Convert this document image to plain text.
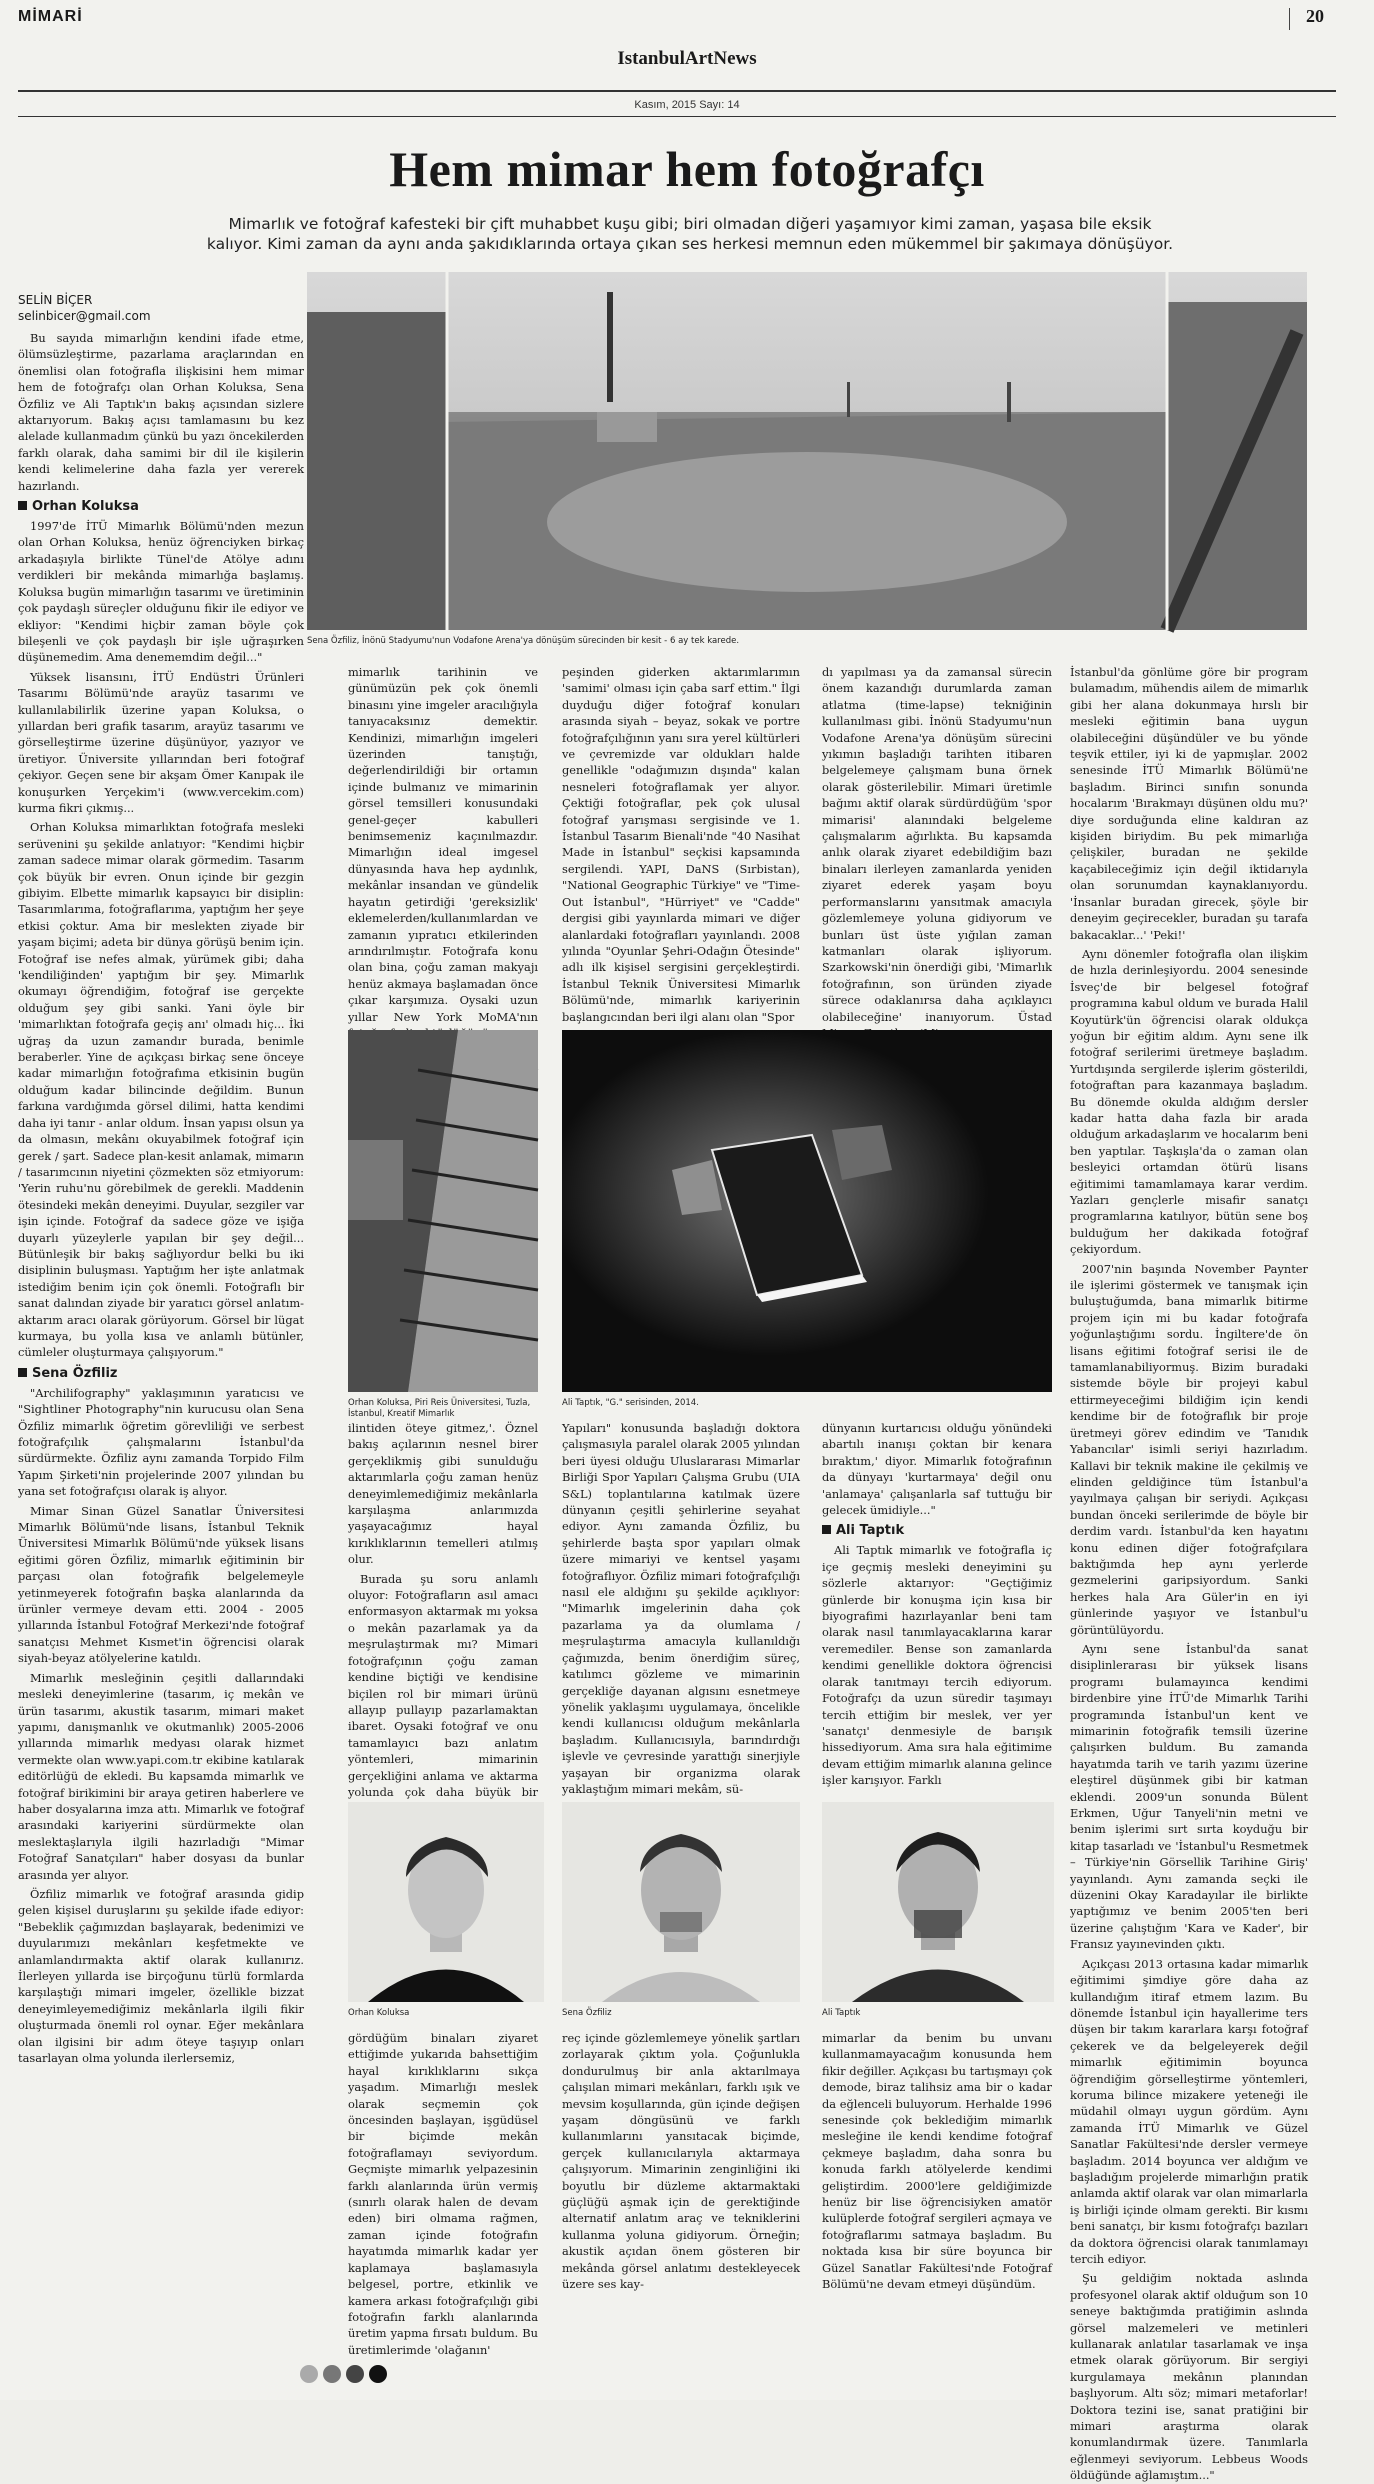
MİMARİ	20
IstanbulArtNews
Kasım, 2015 Sayı: 14
Hem mimar hem fotoğrafçı

Mimarlık ve fotoğraf kafesteki bir çift muhabbet kuşu gibi; biri olmadan diğeri yaşamıyor kimi zaman, yaşasa bile eksik kalıyor. Kimi zaman da aynı anda şakıdıklarında ortaya çıkan ses herkesi memnun eden mükemmel bir şakımaya dönüşüyor.

SELİN BİÇER
selinbicer@gmail.com

Bu sayıda mimarlığın kendini ifade etme, ölümsüzleştirme, pazarlama araçlarından en önemlisi olan fotoğrafla ilişkisini hem mimar hem de fotoğrafçı olan Orhan Koluksa, Sena Özfiliz ve Ali Taptık'ın bakış açısından sizlere aktarıyorum. Bakış açısı tamlamasını bu kez alelade kullanmadım çünkü bu yazı öncekilerden farklı olarak, daha samimi bir dil ile kişilerin kendi kelimelerine daha fazla yer vererek hazırlandı.

Orhan Koluksa

1997'de İTÜ Mimarlık Bölümü'nden mezun olan Orhan Koluksa, henüz öğrenciyken birkaç arkadaşıyla birlikte Tünel'de Atölye adını verdikleri bir mekânda mimarlığa başlamış. Koluksa bugün mimarlığın tasarımı ve üretiminin çok paydaşlı süreçler olduğunu fikir ile ediyor ve ekliyor: "Kendimi hiçbir zaman böyle çok bileşenli ve çok paydaşlı bir işle uğraşırken düşünemedim. Ama denememdim değil..."

Yüksek lisansını, İTÜ Endüstri Ürünleri Tasarımı Bölümü'nde arayüz tasarımı ve kullanılabilirlik üzerine yapan Koluksa, o yıllardan beri grafik tasarım, arayüz tasarımı ve görselleştirme üzerine düşünüyor, yazıyor ve üretiyor. Üniversite yıllarından beri fotoğraf çekiyor. Geçen sene bir akşam Ömer Kanıpak ile konuşurken Yerçekim'i (www.vercekim.com) kurma fikri çıkmış...

Orhan Koluksa mimarlıktan fotoğrafa mesleki serüvenini şu şekilde anlatıyor: "Kendimi hiçbir zaman sadece mimar olarak görmedim. Tasarım çok büyük bir evren. Onun içinde bir gezgin gibiyim. Elbette mimarlık kapsayıcı bir disiplin: Tasarımlarıma, fotoğraflarıma, yaptığım her şeye etkisi çoktur. Ama bir meslekten ziyade bir yaşam biçimi; adeta bir dünya görüşü benim için. Fotoğraf ise nefes almak, yürümek gibi; daha 'kendiliğinden' yaptığım bir şey. Mimarlık okumayı öğrendiğim, fotoğraf ise gerçekte olduğum şey gibi sanki. Yani öyle bir 'mimarlıktan fotoğrafa geçiş anı' olmadı hiç... İki uğraş da uzun zamandır burada, benimle beraberler. Yine de açıkçası birkaç sene önceye kadar mimarlığın fotoğrafıma etkisinin bugün olduğum kadar bilincinde değildim. Bunun farkına vardığımda görsel dilimi, hatta kendimi daha iyi tanır - anlar oldum. İnsan yapısı olsun ya da olmasın, mekânı okuyabilmek fotoğraf için gerek / şart. Sadece plan-kesit anlamak, mimarın / tasarımcının niyetini çözmekten söz etmiyorum: 'Yerin ruhu'nu görebilmek de gerekli. Maddenin ötesindeki mekân deneyimi. Duyular, sezgiler var işin içinde. Fotoğraf da sadece göze ve işiğa duyarlı yüzeylerle yapılan bir şey değil... Bütünleşik bir bakış sağlıyordur belki bu iki disiplinin buluşması. Yaptığım her işte anlatmak istediğim benim için çok önemli. Fotoğraflı bir sanat dalından ziyade bir yaratıcı görsel anlatım-aktarım aracı olarak görüyorum. Görsel bir lügat kurmaya, bu yolla kısa ve anlamlı bütünler, cümleler oluşturmaya çalışıyorum."

Sena Özfiliz

"Archilifography" yaklaşımının yaratıcısı ve "Sightliner Photography"nin kurucusu olan Sena Özfiliz mimarlık öğretim görevliliği ve serbest fotoğrafçılık çalışmalarını İstanbul'da sürdürmekte. Özfiliz aynı zamanda Torpido Film Yapım Şirketi'nin projelerinde 2007 yılından bu yana set fotoğrafçısı olarak iş alıyor.

Mimar Sinan Güzel Sanatlar Üniversitesi Mimarlık Bölümü'nde lisans, İstanbul Teknik Üniversitesi Mimarlık Bölümü'nde yüksek lisans eğitimi gören Özfiliz, mimarlık eğitiminin bir parçası olan fotoğrafik belgelemeyle yetinmeyerek fotoğrafın başka alanlarında da ürünler vermeye devam etti. 2004 - 2005 yıllarında İstanbul Fotoğraf Merkezi'nde fotoğraf sanatçısı Mehmet Kısmet'in öğrencisi olarak siyah-beyaz atölyelerine katıldı.

Mimarlık mesleğinin çeşitli dallarındaki mesleki deneyimlerine (tasarım, iç mekân ve ürün tasarımı, akustik tasarım, mimari maket yapımı, danışmanlık ve okutmanlık) 2005-2006 yıllarında mimarlık medyası olarak hizmet vermekte olan www.yapi.com.tr ekibine katılarak editörlüğü de ekledi. Bu kapsamda mimarlık ve fotoğraf birikimini bir araya getiren haberlere ve haber dosyalarına imza attı. Mimarlık ve fotoğraf arasındaki kariyerini sürdürmekte olan meslektaşlarıyla ilgili hazırladığı "Mimar Fotoğraf Sanatçıları" haber dosyası da bunlar arasında yer alıyor.

Özfiliz mimarlık ve fotoğraf arasında gidip gelen kişisel duruşlarını şu şekilde ifade ediyor: "Bebeklik çağımızdan başlayarak, bedenimizi ve duyularımızı mekânları keşfetmekte ve anlamlandırmakta aktif olarak kullanırız. İlerleyen yıllarda ise birçoğunu türlü formlarda karşılaştığı mimari imgeler, özellikle bizzat deneyimleyemediğimiz mekânlarla ilgili fikir oluşturmada önemli rol oynar. Eğer mekânlara olan ilgisini bir adım öteye taşıyıp onları tasarlayan olma yolunda ilerlersemiz,

Sena Özfiliz, İnönü Stadyumu'nun Vodafone Arena'ya dönüşüm sürecinden bir kesit - 6 ay tek karede.

mimarlık tarihinin ve günümüzün pek çok önemli binasını yine imgeler aracılığıyla tanıyacaksınız demektir. Kendinizi, mimarlığın imgeleri üzerinden tanıştığı, değerlendirildiği bir ortamın içinde bulmanız ve mimarinin görsel temsilleri konusundaki genel-geçer kabulleri benimsemeniz kaçınılmazdır. Mimarlığın ideal imgesel dünyasında hava hep aydınlık, mekânlar insandan ve gündelik hayatın getirdiği 'gereksizlik' eklemelerden/kullanımlardan ve zamanın yıpratıcı etkilerinden arındırılmıştır. Fotoğrafa konu olan bina, çoğu zaman makyajı henüz akmaya başlamadan önce çıkar karşımıza. Oysaki uzun yıllar New York MoMA'nın

peşinden giderken aktarımlarımın 'samimi' olması için çaba sarf ettim." İlgi duyduğu diğer fotoğraf konuları arasında siyah – beyaz, sokak ve portre fotoğrafçılığının yanı sıra yerel kültürleri ve çevremizde var oldukları halde genellikle "odağımızın dışında" kalan nesneleri fotoğraflamak yer alıyor. Çektiği fotoğraflar, pek çok ulusal fotoğraf yarışması sergisinde ve 1. İstanbul Tasarım Bienali'nde "40 Nasihat Made in İstanbul" seçkisi kapsamında sergilendi. YAPI, DaNS (Sırbistan), "National Geographic Türkiye" ve "Time-Out İstanbul", "Hürriyet" ve "Cadde" dergisi gibi yayınlarda mimari ve diğer alanlardaki fotoğrafları yayınlandı. 2008 yılında "Oyunlar Şehri-Odağın Ötesinde" adlı ilk kişisel sergisini gerçekleştirdi. İstanbul Teknik Üniversitesi Mimarlık Bölümü'nde, mimarlık kariyerinin başlangıcından beri ilgi alanı olan "Spor

dı yapılması ya da zamansal sürecin önem kazandığı durumlarda zaman atlatma (time-lapse) tekniğinin kullanılması gibi. İnönü Stadyumu'nun Vodafone Arena'ya dönüşüm sürecini yıkımın başladığı tarihten itibaren belgelemeye çalışmam buna örnek olarak gösterilebilir. Mimari üretimle bağımı aktif olarak sürdürdüğüm 'spor mimarisi' alanındaki belgeleme çalışmalarım ağırlıkta. Bu kapsamda anlık olarak ziyaret edebildiğim bazı binaları ilerleyen zamanlarda yeniden ziyaret ederek yaşam boyu performanslarını yansıtmak amacıyla gözlemlemeye yoluna gidiyorum ve bunları üst üste yığılan zaman katmanları olarak işliyorum. Szarkowski'nin önerdiği gibi, 'Mimarlık fotoğrafının, son üründen ziyade sürece odaklanırsa daha açıklayıcı olabileceğine' inanıyorum. Üstad

İstanbul'da gönlüme göre bir program bulamadım, mühendis ailem de mimarlık gibi her alana dokunmaya hırslı bir mesleki eğitimin bana uygun olabileceğini düşündüler ve bu yönde teşvik ettiler, iyi ki de yapmışlar. 2002 senesinde İTÜ Mimarlık Bölümü'ne başladım. Birinci sınıfın sonunda hocalarım 'Bırakmayı düşünen oldu mu?' diye sorduğunda eline kaldıran az kişiden biriydim. Bu pek mimarlığa çelişkiler, buradan ne şekilde kaçabileceğimiz için değil iktidarıyla olan sorunumdan kaynaklanıyordu. 'İnsanlar buradan girecek, şöyle bir deneyim geçirecekler, buradan şu tarafa bakacaklar...' 'Peki!'

Aynı dönemler fotoğrafla olan ilişkim de hızla derinleşiyordu. 2004 senesinde İsveç'de bir belgesel fotoğraf programına kabul oldum ve burada Halil Koyutürk'ün öğrencisi olarak oldukça yoğun bir eğitim aldım. Aynı sene ilk fotoğraf serilerimi üretmeye başladım. Yurtdışında sergilerde işlerim gösterildi, fotoğraftan para kazanmaya başladım. Bu dönemde okulda aldığım dersler kadar hatta daha fazla bir arada olduğum arkadaşlarım ve hocalarım beni ben yaptılar. Taşkışla'da o zaman olan besleyici ortamdan ötürü lisans eğitimimi tamamlamaya karar verdim. Yazları gençlerle misafir sanatçı programlarına katılıyor, bütün sene boş bulduğum her dakikada fotoğraf çekiyordum.

2007'nin başında November Paynter ile işlerimi göstermek ve tanışmak için buluştuğumda, bana mimarlık bitirme projem için mi bu kadar fotoğrafa yoğunlaştığımı sordu. İngiltere'de ön lisans eğitimi fotoğraf serisi ile de tamamlanabiliyormuş. Bizim buradaki sistemde böyle bir projeyi kabul ettirmeyeceğimi bildiğim için kendi kendime bir de fotoğraflık bir proje üretmeyi görev edindim ve 'Tanıdık Yabancılar' isimli seriyi hazırladım. Kallavi bir teknik makine ile çekilmiş ve elinden geldiğince tüm İstanbul'a yayılmaya çalışan bir seriydi. Açıkçası bundan önceki serilerimde de böyle bir derdim vardı. İstanbul'da ken hayatını konu edinen diğer fotoğrafçılara baktığımda hep aynı yerlerde gezmelerini garipsiyordum. Sanki herkes hala Ara Güler'in en iyi günlerinde yaşıyor ve İstanbul'u görüntülüyordu.

Aynı sene İstanbul'da sanat disiplinlerarası bir yüksek lisans programı bulamayınca kendimi birdenbire yine İTÜ'de Mimarlık Tarihi programında İstanbul'un kent ve mimarinin fotoğrafik temsili üzerine çalışırken buldum. Bu zamanda hayatımda tarih ve tarih yazımı üzerine eleştirel düşünmek gibi bir katman eklendi. 2009'un sonunda Bülent Erkmen, Uğur Tanyeli'nin metni ve benim işlerimi sırt sırta koyduğu bir kitap tasarladı ve 'İstanbul'u Resmetmek – Türkiye'nin Görsellik Tarihine Giriş' yayınlandı. Aynı zamanda seçki ile düzenini Okay Karadayılar ile birlikte yaptığımız ve benim 2005'ten beri üzerine çalıştığım 'Kara ve Kader', bir Fransız yayınevinden çıktı.

Açıkçası 2013 ortasına kadar mimarlık eğitimimi şimdiye göre daha az kullandığım itiraf etmem lazım. Bu dönemde İstanbul için hayallerime ters düşen bir takım kararlara karşı fotoğraf çekerek ve da belgeleyerek değil mimarlık eğitimimin boyunca öğrendiğim görselleştirme yöntemleri, koruma bilince mizakere yeteneği ile müdahil olmayı uygun gördüm. Aynı zamanda İTÜ Mimarlık ve Güzel Sanatlar Fakültesi'nde dersler vermeye başladım. 2014 boyunca ver aldığım ve başladığım projelerde mimarlığın pratik anlamda aktif olarak var olan mimarlarla iş birliği içinde olmam gerekti. Bir kısmı beni sanatçı, bir kısmı fotoğrafçı bazıları da doktora öğrencisi olarak tanımlamayı tercih ediyor.

Şu geldiğim noktada aslında profesyonel olarak aktif olduğum son 10 seneye baktığımda pratiğimin aslında görsel malzemeleri ve metinleri kullanarak anlatılar tasarlamak ve inşa etmek olarak görüyorum. Bir sergiyi kurgulamaya mekânın planından başlıyorum. Altı söz; mimari metaforlar! Doktora tezini ise, sanat pratiğini bir mimari araştırma olarak konumlandırmak üzere. Tanımlarla eğlenmeyi seviyorum. Lebbeus Woods öldüğünde ağlamıştım..."

Orhan Koluksa, Piri Reis Üniversitesi, Tuzla, İstanbul, Kreatif Mimarlık
Ali Taptık, "G." serisinden, 2014.

ilintiden öteye gitmez,'. Öznel bakış açılarının nesnel birer gerçeklikmiş gibi sunulduğu aktarımlarla çoğu zaman henüz deneyimlemediğimiz mekânlarla karşılaşma anlarımızda yaşayacağımız hayal kırıklıklarının temelleri atılmış olur.

Burada şu soru anlamlı oluyor: Fotoğrafların asıl amacı enformasyon aktarmak mı yoksa o mekân pazarlamak ya da meşrulaştırmak mı? Mimari fotoğrafçının çoğu zaman kendine biçtiği ve kendisine biçilen rol bir mimari ürünü allayıp pullayıp pazarlamaktan ibaret. Oysaki fotoğraf ve onu tamamlayıcı bazı anlatım yöntemleri, mimarinin gerçekliğini anlama ve aktarma yolunda çok daha büyük bir

Yapıları" konusunda başladığı doktora çalışmasıyla paralel olarak 2005 yılından beri üyesi olduğu Uluslararası Mimarlar Birliği Spor Yapıları Çalışma Grubu (UIA S&L) toplantılarına katılmak üzere dünyanın çeşitli şehirlerine seyahat ediyor. Aynı zamanda Özfiliz, bu şehirlerde başta spor yapıları olmak üzere mimariyi ve kentsel yaşamı fotoğraflıyor. Özfiliz mimari fotoğrafçılığı nasıl ele aldığını şu şekilde açıklıyor: "Mimarlık imgelerinin daha çok pazarlama ya da olumlama / meşrulaştırma amacıyla kullanıldığı çağımızda, benim önerdiğim süreç, katılımcı gözleme ve mimarinin gerçekliğe dayanan algısını esnetmeye yönelik yaklaşımı uygulamaya, öncelikle kendi kullanıcısı olduğum mekânlarla başladım. Kullanıcısıyla, barındırdığı işlevle ve çevresinde yarattığı sinerjiyle yaşayan bir organizma olarak yaklaştığım mimari mekâm, sü-

dünyanın kurtarıcısı olduğu yönündeki abartılı inanışı çoktan bir kenara bıraktım,' diyor. Mimarlık fotoğrafının da dünyayı 'kurtarmaya' değil onu 'anlamaya' çalışanlarla saf tuttuğu bir gelecek ümidiyle..."

Ali Taptık

Ali Taptık mimarlık ve fotoğrafla iç içe geçmiş mesleki deneyimini şu sözlerle aktarıyor: "Geçtiğimiz günlerde bir konuşma için kısa bir biyografimi hazırlayanlar beni tam olarak nasıl tanımlayacaklarına karar veremediler. Bense son zamanlarda kendimi genellikle doktora öğrencisi olarak tanıtmayı tercih ediyorum. Fotoğrafçı da uzun süredir taşımayı tercih ettiğim bir meslek, ver yer 'sanatçı' denmesiyle de barışık hissediyorum. Ama sıra hala eğitimime devam ettiğim mimarlık alanına gelince işler karışıyor. Farklı

Orhan Koluksa	Sena Özfiliz	Ali Taptık

gördüğüm binaları ziyaret ettiğimde yukarıda bahsettiğim hayal kırıklıklarını sıkça yaşadım. Mimarlığı meslek olarak seçmemin çok öncesinden başlayan, işgüdüsel bir biçimde mekân fotoğraflamayı seviyordum. Geçmişte mimarlık yelpazesinin farklı alanlarında ürün vermiş (sınırlı olarak halen de devam eden) biri olmama rağmen, zaman içinde fotoğrafın hayatımda mimarlık kadar yer kaplamaya başlamasıyla belgesel, portre, etkinlik ve kamera arkası fotoğrafçılığı gibi fotoğrafın farklı alanlarında üretim yapma fırsatı buldum. Bu üretimlerimde 'olağanın'

reç içinde gözlemlemeye yönelik şartları zorlayarak çıktım yola. Çoğunlukla dondurulmuş bir anla aktarılmaya çalışılan mimari mekânları, farklı ışık ve mevsim koşullarında, gün içinde değişen yaşam döngüsünü ve farklı kullanımlarını yansıtacak biçimde, gerçek kullanıcılarıyla aktarmaya çalışıyorum. Mimarinin zenginliğini iki boyutlu bir düzleme aktarmaktaki güçlüğü aşmak için de gerektiğinde alternatif anlatım araç ve tekniklerini kullanma yoluna gidiyorum. Örneğin; akustik açıdan önem gösteren bir mekânda görsel anlatımı destekleyecek üzere ses kay-

mimarlar da benim bu unvanı kullanmamayacağım konusunda hem fikir değiller. Açıkçası bu tartışmayı çok demode, biraz talihsiz ama bir o kadar da eğlenceli buluyorum. Herhalde 1996 senesinde çok beklediğim mimarlık mesleğine ile kendi kendime fotoğraf çekmeye başladım, daha sonra bu konuda farklı atölyelerde kendimi geliştirdim. 2000'lere geldiğimizde henüz bir lise öğrencisiyken amatör kulüplerde fotoğraf sergileri açmaya ve fotoğraflarımı satmaya başladım. Bu noktada kısa bir süre boyunca bir Güzel Sanatlar Fakültesi'nde Fotoğraf Bölümü'ne devam etmeyi düşündüm.
